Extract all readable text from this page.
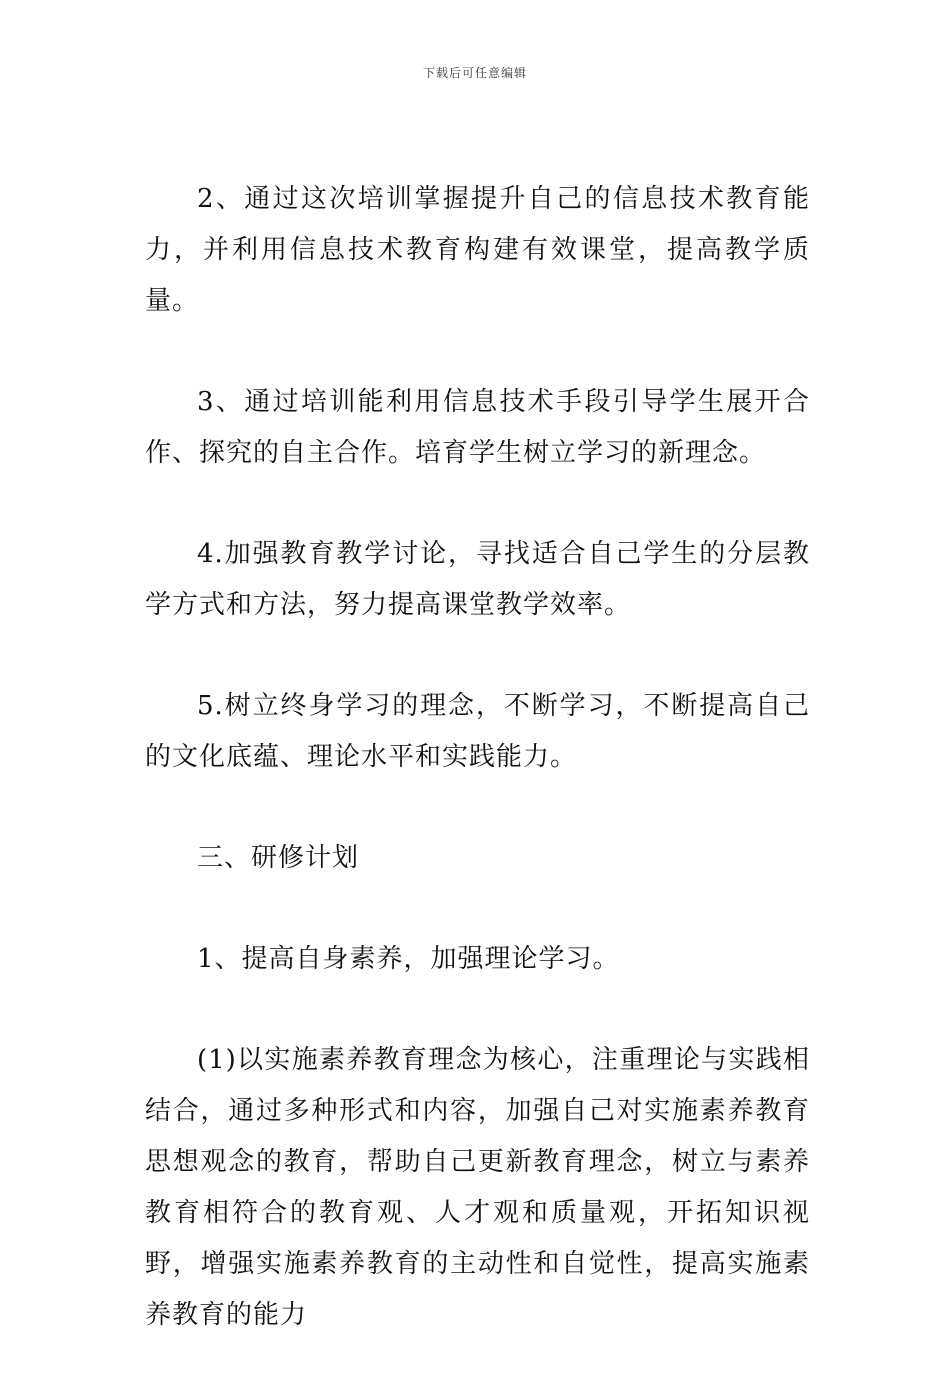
下载后可任意编辑

2、通过这次培训掌握提升自己的信息技术教育能力，并利用信息技术教育构建有效课堂，提高教学质量。

3、通过培训能利用信息技术手段引导学生展开合作、探究的自主合作。培育学生树立学习的新理念。

4.加强教育教学讨论，寻找适合自己学生的分层教学方式和方法，努力提高课堂教学效率。

5.树立终身学习的理念，不断学习，不断提高自己的文化底蕴、理论水平和实践能力。

三、研修计划

1、提高自身素养，加强理论学习。

(1)以实施素养教育理念为核心，注重理论与实践相结合，通过多种形式和内容，加强自己对实施素养教育思想观念的教育，帮助自己更新教育理念，树立与素养教育相符合的教育观、人才观和质量观，开拓知识视野，增强实施素养教育的主动性和自觉性，提高实施素养教育的能力
